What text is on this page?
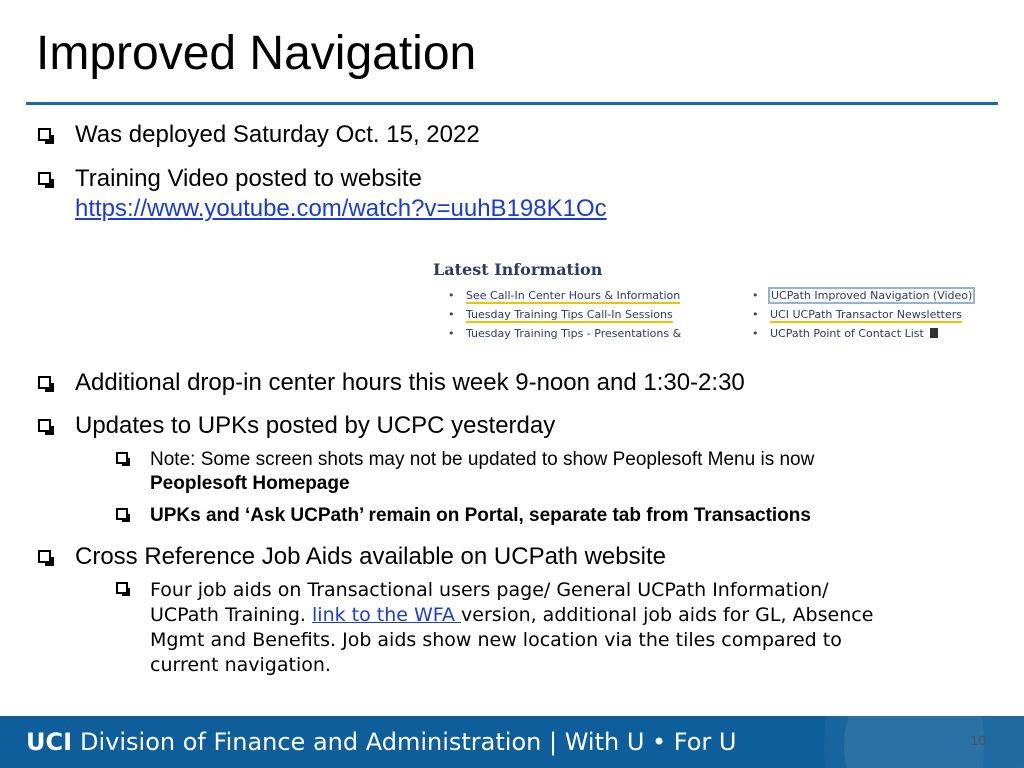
Improved Navigation
Was deployed Saturday Oct. 15, 2022
Training Video posted to website
https://www.youtube.com/watch?v=uuhB198K1Oc
Latest Information
• See Call-In Center Hours & Information
• Tuesday Training Tips Call-In Sessions
• Tuesday Training Tips - Presentations &
• UCPath Improved Navigation (Video)
• UCI UCPath Transactor Newsletters
• UCPath Point of Contact List
Additional drop-in center hours this week 9-noon and 1:30-2:30
Updates to UPKs posted by UCPC yesterday
Note: Some screen shots may not be updated to show Peoplesoft Menu is now
Peoplesoft Homepage
UPKs and ‘Ask UCPath’ remain on Portal, separate tab from Transactions
Cross Reference Job Aids available on UCPath website
Four job aids on Transactional users page/ General UCPath Information/
UCPath Training. link to the WFA version, additional job aids for GL, Absence
Mgmt and Benefits. Job aids show new location via the tiles compared to
current navigation.
UCI Division of Finance and Administration | With U • For U	10
